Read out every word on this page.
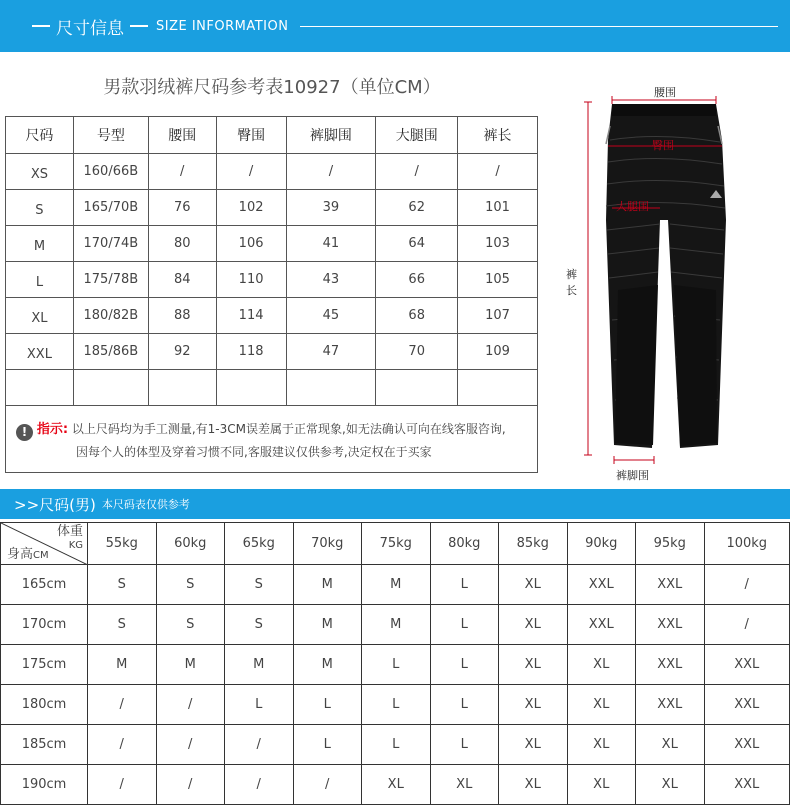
尺寸信息 SIZE INFORMATION
男款羽绒裤尺码参考表10927（单位CM）
尺码	号型	腰围	臀围	裤脚围	大腿围	裤长
XS	160/66B	/	/	/	/	/
S	165/70B	76	102	39	62	101
M	170/74B	80	106	41	64	103
L	175/78B	84	110	43	66	105
XL	180/82B	88	114	45	68	107
XXL	185/86B	92	118	47	70	109

! 指示: 以上尺码均为手工测量,有1-3CM误差属于正常现象,如无法确认可向在线客服咨询,
因每个人的体型及穿着习惯不同,客服建议仅供参考,决定权在于买家
腰围
臀围
大腿围
裤
长
裤脚围
>>尺码(男) 本尺码表仅供参考
体重
KG
身高CM	55kg	60kg	65kg	70kg	75kg	80kg	85kg	90kg	95kg	100kg
165cm	S	S	S	M	M	L	XL	XXL	XXL	/
170cm	S	S	S	M	M	L	XL	XXL	XXL	/
175cm	M	M	M	M	L	L	XL	XL	XXL	XXL
180cm	/	/	L	L	L	L	XL	XL	XXL	XXL
185cm	/	/	/	L	L	L	XL	XL	XL	XXL
190cm	/	/	/	/	XL	XL	XL	XL	XL	XXL
